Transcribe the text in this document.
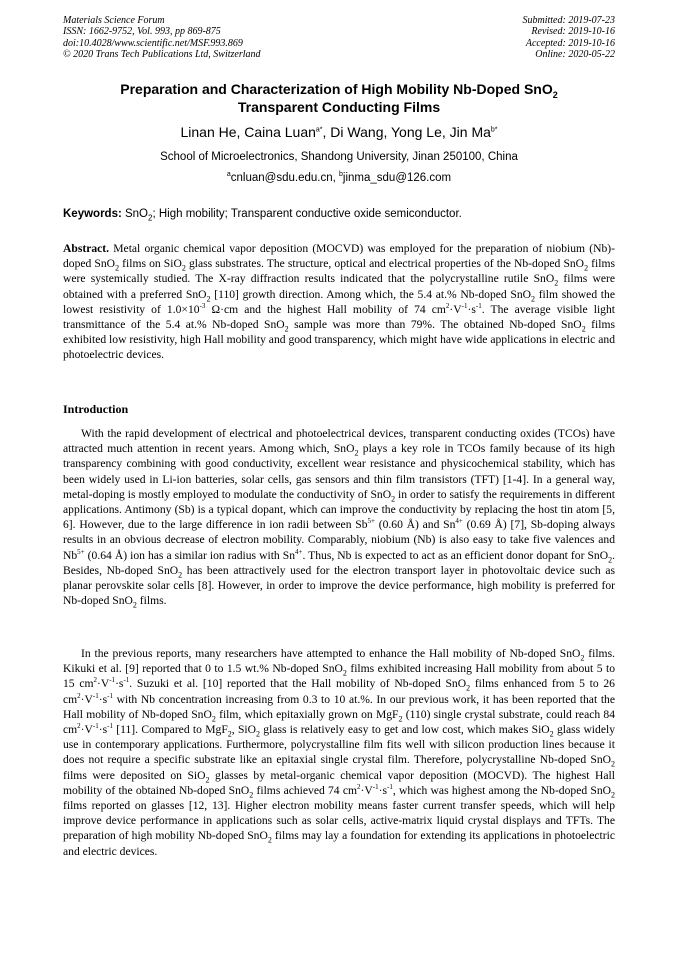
Materials Science Forum
ISSN: 1662-9752, Vol. 993, pp 869-875
doi:10.4028/www.scientific.net/MSF.993.869
© 2020 Trans Tech Publications Ltd, Switzerland
Submitted: 2019-07-23
Revised: 2019-10-16
Accepted: 2019-10-16
Online: 2020-05-22
Preparation and Characterization of High Mobility Nb-Doped SnO$_2$
Transparent Conducting Films
Linan He, Caina Luan$^{a*}$, Di Wang, Yong Le, Jin $Ma^{b*}$
School of Microelectronics, Shandong University, Jinan 250100, China
$^a$cnluan@sdu.edu.cn, $^b$jinma_sdu@126.com
Keywords: SnO$_2$; High mobility; Transparent conductive oxide semiconductor.
Abstract. Metal organic chemical vapor deposition (MOCVD) was employed for the preparation of niobium (Nb)-doped SnO$_2$ films on SiO$_2$ glass substrates. The structure, optical and electrical properties of the Nb-doped SnO$_2$ films were systemically studied. The X-ray diffraction results indicated that the polycrystalline rutile SnO$_2$ films were obtained with a preferred SnO$_2$ [110] growth direction. Among which, the 5.4 at.% Nb-doped SnO$_2$ film showed the lowest resistivity of $1.0\times 10^{-3}$ Ω·cm and the highest Hall mobility of 74 $cm^2\cdot V^{-1}\cdot s^{-1}$. The average visible light transmittance of the 5.4 at.% Nb-doped SnO$_2$ sample was more than 79%. The obtained Nb-doped SnO$_2$ films exhibited low resistivity, high Hall mobility and good transparency, which might have wide applications in electric and photoelectric devices.
Introduction
With the rapid development of electrical and photoelectrical devices, transparent conducting oxides (TCOs) have attracted much attention in recent years. Among which, SnO$_2$ plays a key role in TCOs family because of its high transparency combining with good conductivity, excellent wear resistance and physicochemical stability, which has been widely used in Li-ion batteries, solar cells, gas sensors and thin film transistors (TFT) [1-4]. In a general way, metal-doping is mostly employed to modulate the conductivity of SnO$_2$ in order to satisfy the requirements in different applications. Antimony (Sb) is a typical dopant, which can improve the conductivity by replacing the host tin atom [5, 6]. However, due to the large difference in ion radii between $Sb^{5+}$ (0.60 Å) and $Sn^{4+}$ (0.69 Å) [7], Sb-doping always results in an obvious decrease of electron mobility. Comparably, niobium (Nb) is also easy to take five valences and $Nb^{5+}$ (0.64 Å) ion has a similar ion radius with $Sn^{4+}$. Thus, Nb is expected to act as an efficient donor dopant for SnO$_2$. Besides, Nb-doped SnO$_2$ has been attractively used for the electron transport layer in photovoltaic device such as planar perovskite solar cells [8]. However, in order to improve the device performance, high mobility is preferred for Nb-doped SnO$_2$ films.
In the previous reports, many researchers have attempted to enhance the Hall mobility of Nb-doped SnO$_2$ films. Kikuki et al. [9] reported that 0 to 1.5 wt.% Nb-doped SnO$_2$ films exhibited increasing Hall mobility from about 5 to 15 $cm^2\cdot V^{-1}\cdot s^{-1}$. Suzuki et al. [10] reported that the Hall mobility of Nb-doped SnO$_2$ films enhanced from 5 to 26 $cm^2\cdot V^{-1}\cdot s^{-1}$ with Nb concentration increasing from 0.3 to 10 at.%. In our previous work, it has been reported that the Hall mobility of Nb-doped SnO$_2$ film, which epitaxially grown on MgF$_2$ (110) single crystal substrate, could reach 84 $cm^2\cdot V^{-1}\cdot s^{-1}$ [11]. Compared to MgF$_2$, SiO$_2$ glass is relatively easy to get and low cost, which makes SiO$_2$ glass widely use in contemporary applications. Furthermore, polycrystalline film fits well with silicon production lines because it does not require a specific substrate like an epitaxial single crystal film. Therefore, polycrystalline Nb-doped SnO$_2$ films were deposited on SiO$_2$ glasses by metal-organic chemical vapor deposition (MOCVD). The highest Hall mobility of the obtained Nb-doped SnO$_2$ films achieved 74 $cm^2\cdot V^{-1}\cdot s^{-1}$, which was highest among the Nb-doped SnO$_2$ films reported on glasses [12, 13]. Higher electron mobility means faster current transfer speeds, which will help improve device performance in applications such as solar cells, active-matrix liquid crystal displays and TFTs. The preparation of high mobility Nb-doped SnO$_2$ films may lay a foundation for extending its applications in photoelectric and electric devices.
